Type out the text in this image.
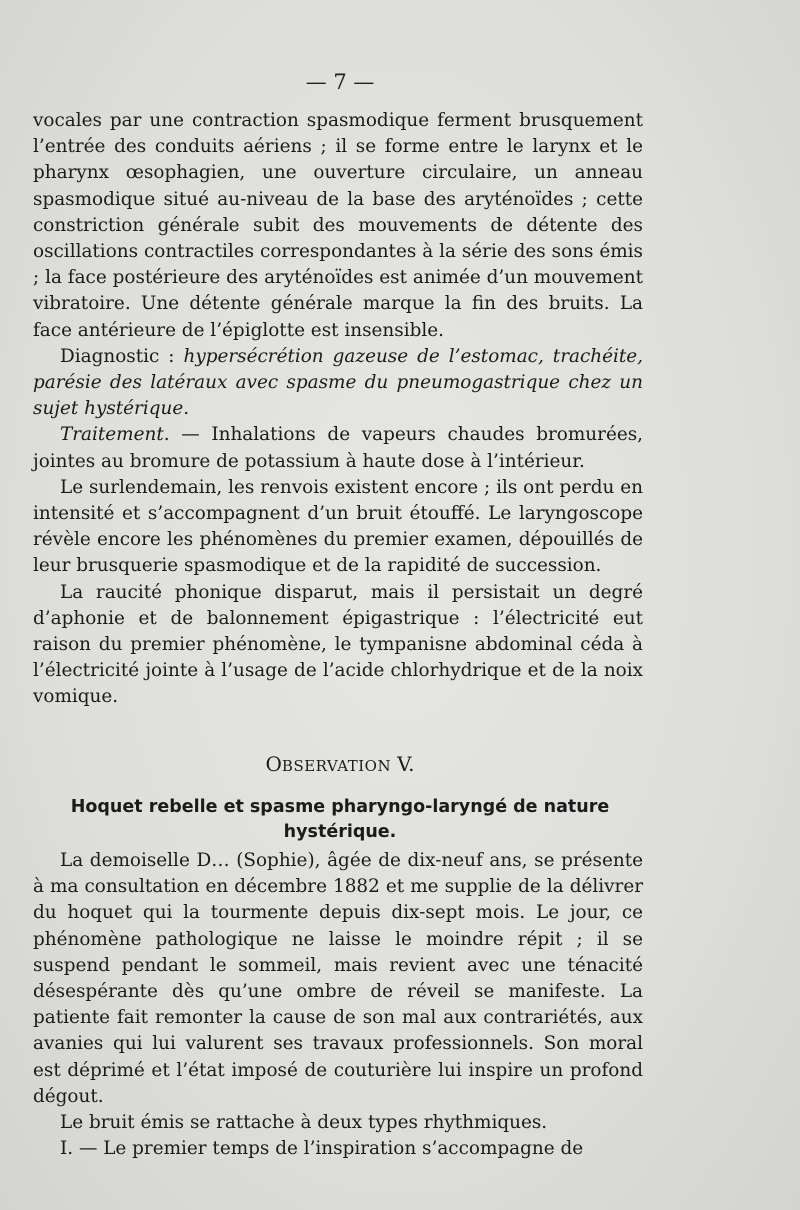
— 7 —

vocales par une contraction spasmodique ferment brusquement l’entrée des conduits aériens ; il se forme entre le larynx et le pharynx œsophagien, une ouverture circulaire, un anneau spasmodique situé au-niveau de la base des aryténoïdes ; cette constriction générale subit des mouvements de détente des oscillations contractiles correspondantes à la série des sons émis ; la face postérieure des aryténoïdes est animée d’un mouvement vibratoire. Une détente générale marque la fin des bruits. La face antérieure de l’épiglotte est insensible.

Diagnostic : hypersécrétion gazeuse de l’estomac, trachéite, parésie des latéraux avec spasme du pneumogastrique chez un sujet hystérique.

Traitement. — Inhalations de vapeurs chaudes bromurées, jointes au bromure de potassium à haute dose à l’intérieur.

Le surlendemain, les renvois existent encore ; ils ont perdu en intensité et s’accompagnent d’un bruit étouffé. Le laryngoscope révèle encore les phénomènes du premier examen, dépouillés de leur brusquerie spasmodique et de la rapidité de succession.

La raucité phonique disparut, mais il persistait un degré d’aphonie et de balonnement épigastrique : l’électricité eut raison du premier phénomène, le tympanisne abdominal céda à l’électricité jointe à l’usage de l’acide chlorhydrique et de la noix vomique.

OBSERVATION V.
Hoquet rebelle et spasme pharyngo-laryngé de nature hystérique.

La demoiselle D… (Sophie), âgée de dix-neuf ans, se présente à ma consultation en décembre 1882 et me supplie de la délivrer du hoquet qui la tourmente depuis dix-sept mois. Le jour, ce phénomène pathologique ne laisse le moindre répit ; il se suspend pendant le sommeil, mais revient avec une ténacité désespérante dès qu’une ombre de réveil se manifeste. La patiente fait remonter la cause de son mal aux contrariétés, aux avanies qui lui valurent ses travaux professionnels. Son moral est déprimé et l’état imposé de couturière lui inspire un profond dégout.

Le bruit émis se rattache à deux types rhythmiques.

I. — Le premier temps de l’inspiration s’accompagne de
